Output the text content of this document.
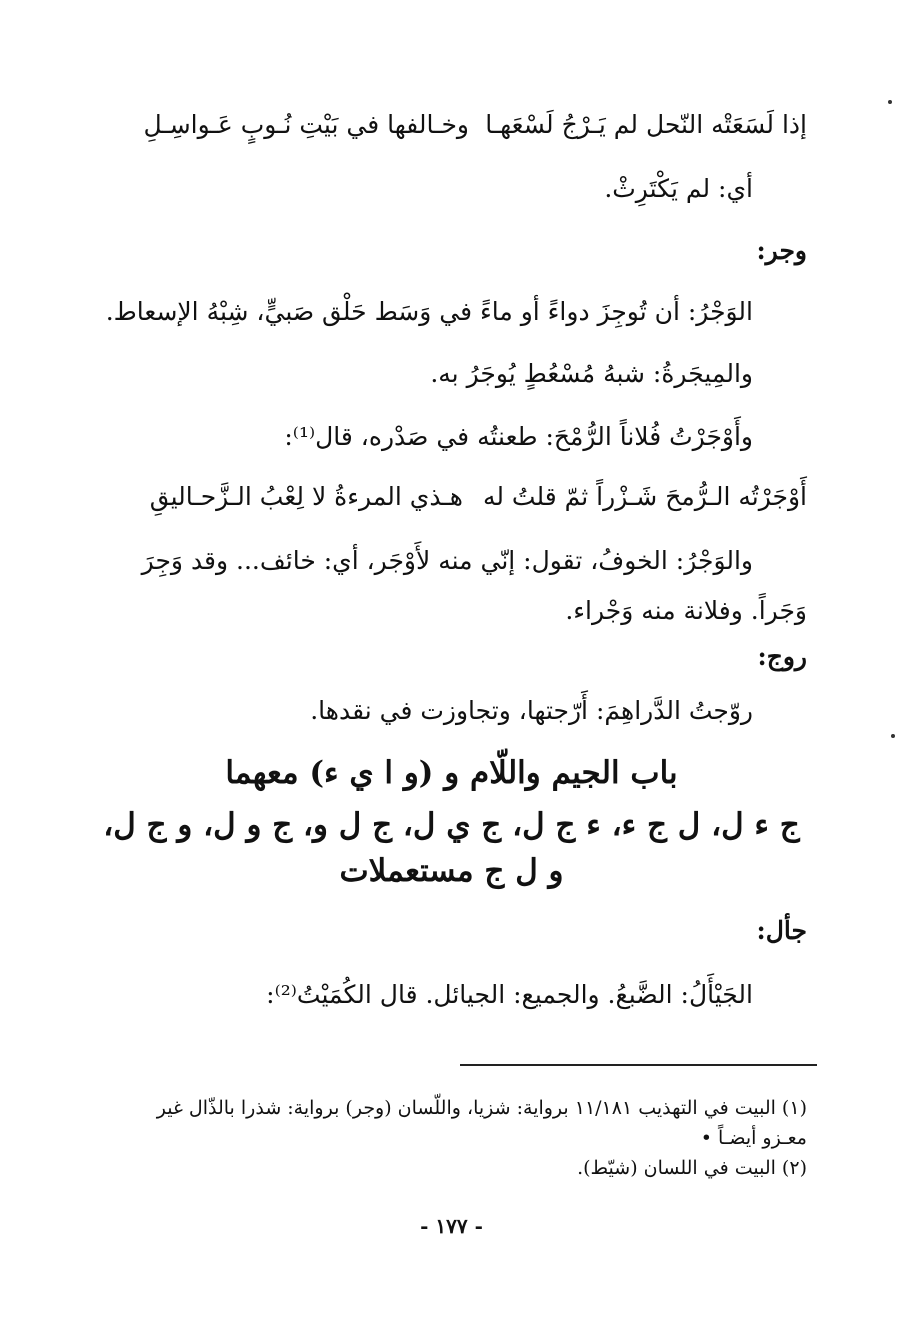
إذا لَسَعَتْه النّحل لم يَـرْجُ لَسْعَهـا
وخـالفها في بَيْتِ نُـوبٍ عَـواسِـلِ
أي: لم يَكْتَرِثْ.
وجر:
الوَجْرُ: أن تُوجِزَ دواءً أو ماءً في وَسَط حَلْق صَبيٍّ، شِبْهُ الإسعاط.
والمِيجَرةُ: شبهُ مُسْعُطٍ يُوجَرُ به.
وأَوْجَرْتُ فُلاناً الرُّمْحَ: طعنتُه في صَدْره، قال⁽¹⁾:
أَوْجَرْتُه الـرُّمحَ شَـزْراً ثمّ قلتُ له
هـذي المرءةُ لا لِعْبُ الـزَّحـاليقِ
والوَجْرُ: الخوفُ، تقول: إنّي منه لأَوْجَر، أي: خائف... وقد وَجِرَ
وَجَراً. وفلانة منه وَجْراء.
روج:
روّجتُ الدَّراهِمَ: أَرّجتها، وتجاوزت في نقدها.
باب الجيم واللّام و (و ا ي ء) معهما
ج ء ل، ل ج ء، ء ج ل، ج ي ل، ج ل و، ج و ل، و ج ل،
و ل ج مستعملات
جأل:
الجَيْأَلُ: الضَّبعُ. والجميع: الجيائل. قال الكُمَيْتُ⁽²⁾:
(١) البيت في التهذيب ١١/١٨١ برواية: شزيا، واللّسان (وجر) برواية: شذرا بالذّال غير
معـزو أيضـاً •
(٢) البيت في اللسان (شيّط).
- ١٧٧ -
